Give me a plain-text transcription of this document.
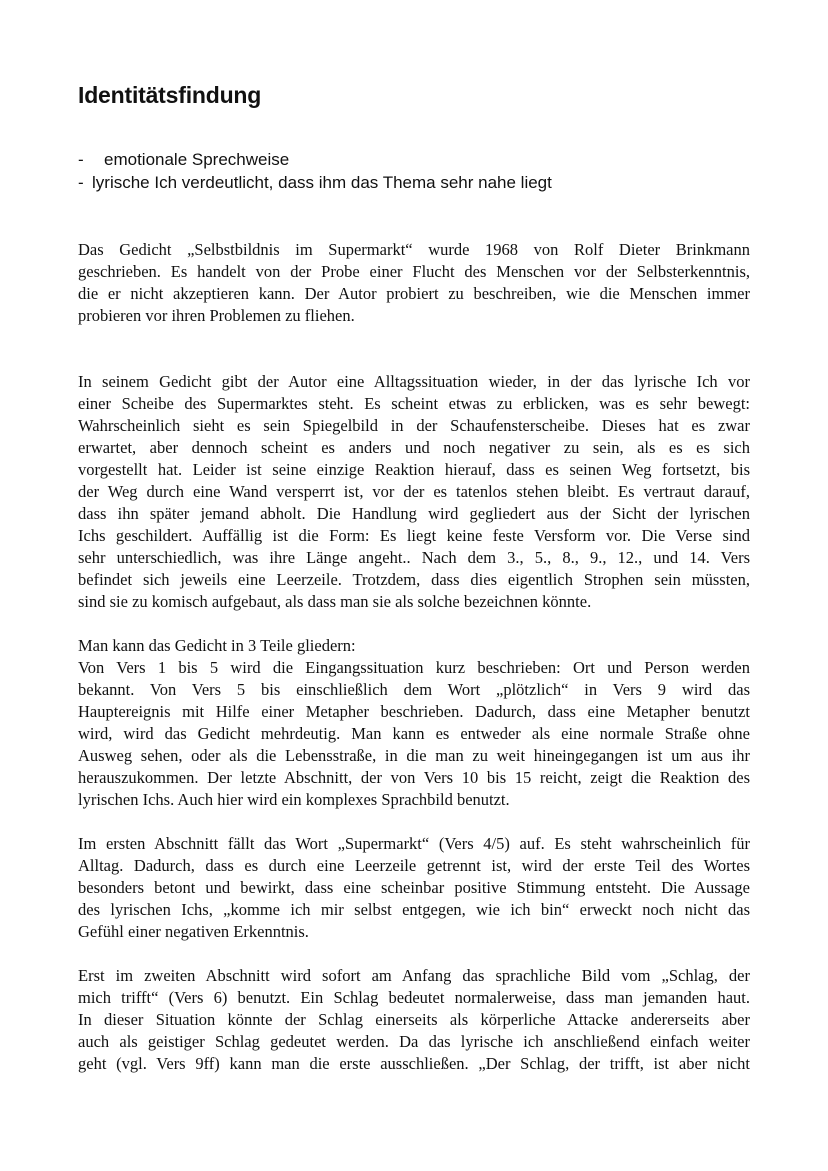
Identitätsfindung
- emotionale Sprechweise
- lyrische Ich verdeutlicht, dass ihm das Thema sehr nahe liegt

Das Gedicht „Selbstbildnis im Supermarkt“ wurde 1968 von Rolf Dieter Brinkmann
geschrieben. Es handelt von der Probe einer Flucht des Menschen vor der Selbsterkenntnis,
die er nicht akzeptieren kann. Der Autor probiert zu beschreiben, wie die Menschen immer
probieren vor ihren Problemen zu fliehen.

In seinem Gedicht gibt der Autor eine Alltagssituation wieder, in der das lyrische Ich vor
einer Scheibe des Supermarktes steht. Es scheint etwas zu erblicken, was es sehr bewegt:
Wahrscheinlich sieht es sein Spiegelbild in der Schaufensterscheibe. Dieses hat es zwar
erwartet, aber dennoch scheint es anders und noch negativer zu sein, als es es sich
vorgestellt hat. Leider ist seine einzige Reaktion hierauf, dass es seinen Weg fortsetzt, bis
der Weg durch eine Wand versperrt ist, vor der es tatenlos stehen bleibt. Es vertraut darauf,
dass ihn später jemand abholt. Die Handlung wird gegliedert aus der Sicht der lyrischen
Ichs geschildert. Auffällig ist die Form: Es liegt keine feste Versform vor. Die Verse sind
sehr unterschiedlich, was ihre Länge angeht.. Nach dem 3., 5., 8., 9., 12., und 14. Vers
befindet sich jeweils eine Leerzeile. Trotzdem, dass dies eigentlich Strophen sein müssten,
sind sie zu komisch aufgebaut, als dass man sie als solche bezeichnen könnte.

Man kann das Gedicht in 3 Teile gliedern:
Von Vers 1 bis 5 wird die Eingangssituation kurz beschrieben: Ort und Person werden
bekannt. Von Vers 5 bis einschließlich dem Wort „plötzlich“ in Vers 9 wird das
Hauptereignis mit Hilfe einer Metapher beschrieben. Dadurch, dass eine Metapher benutzt
wird, wird das Gedicht mehrdeutig. Man kann es entweder als eine normale Straße ohne
Ausweg sehen, oder als die Lebensstraße, in die man zu weit hineingegangen ist um aus ihr
herauszukommen. Der letzte Abschnitt, der von Vers 10 bis 15 reicht, zeigt die Reaktion des
lyrischen Ichs. Auch hier wird ein komplexes Sprachbild benutzt.

Im ersten Abschnitt fällt das Wort „Supermarkt“ (Vers 4/5) auf. Es steht wahrscheinlich für
Alltag. Dadurch, dass es durch eine Leerzeile getrennt ist, wird der erste Teil des Wortes
besonders betont und bewirkt, dass eine scheinbar positive Stimmung entsteht. Die Aussage
des lyrischen Ichs, „komme ich mir selbst entgegen, wie ich bin“ erweckt noch nicht das
Gefühl einer negativen Erkenntnis.

Erst im zweiten Abschnitt wird sofort am Anfang das sprachliche Bild vom „Schlag, der
mich trifft“ (Vers 6) benutzt. Ein Schlag bedeutet normalerweise, dass man jemanden haut.
In dieser Situation könnte der Schlag einerseits als körperliche Attacke andererseits aber
auch als geistiger Schlag gedeutet werden. Da das lyrische ich anschließend einfach weiter
geht (vgl. Vers 9ff) kann man die erste ausschließen. „Der Schlag, der trifft, ist aber nicht
